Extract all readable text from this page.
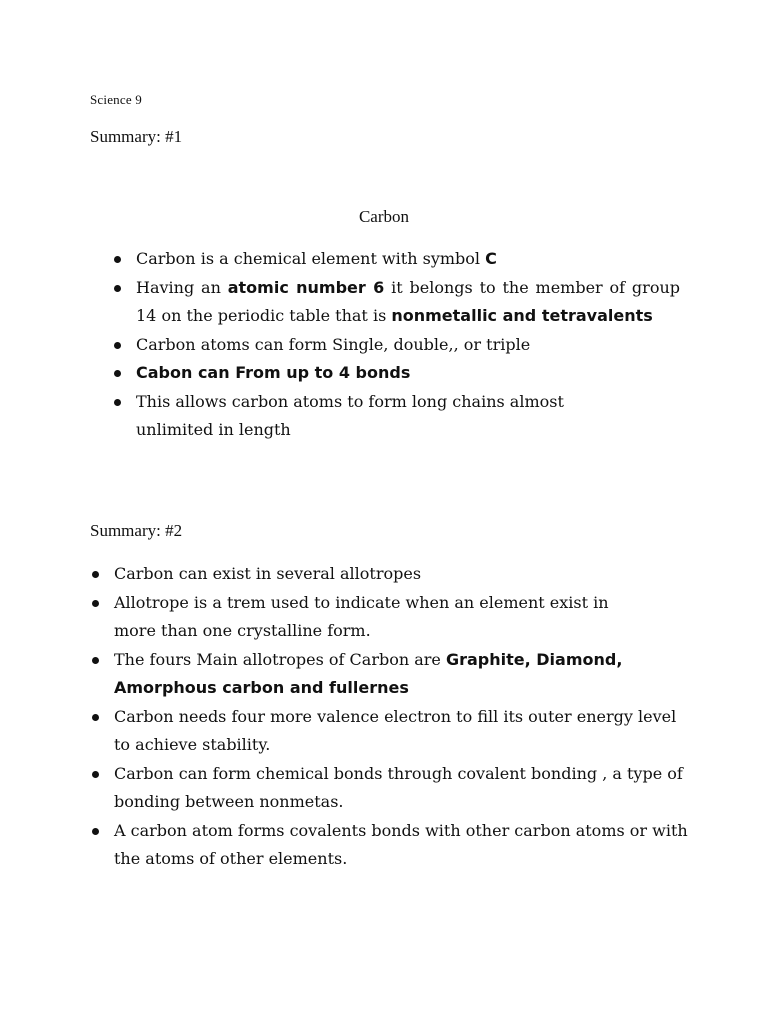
Science 9
Summary: #1
Carbon
Carbon is a chemical element with symbol C
Having an atomic number 6 it belongs to the member of group 14 on the periodic table that is nonmetallic and tetravalents
Carbon atoms can form Single, double,, or triple
Cabon can From up to 4 bonds
This allows carbon atoms to form long chains almost unlimited in length
Summary: #2
Carbon can exist in several allotropes
Allotrope is a trem used to indicate when an element exist in more than one crystalline form.
The fours Main allotropes of Carbon are Graphite, Diamond, Amorphous carbon and fullernes
Carbon needs four more valence electron to fill its outer energy level to achieve stability.
Carbon can form chemical bonds through covalent bonding , a type of bonding between nonmetas.
A carbon atom forms covalents bonds with other carbon atoms or with the atoms of other elements.
